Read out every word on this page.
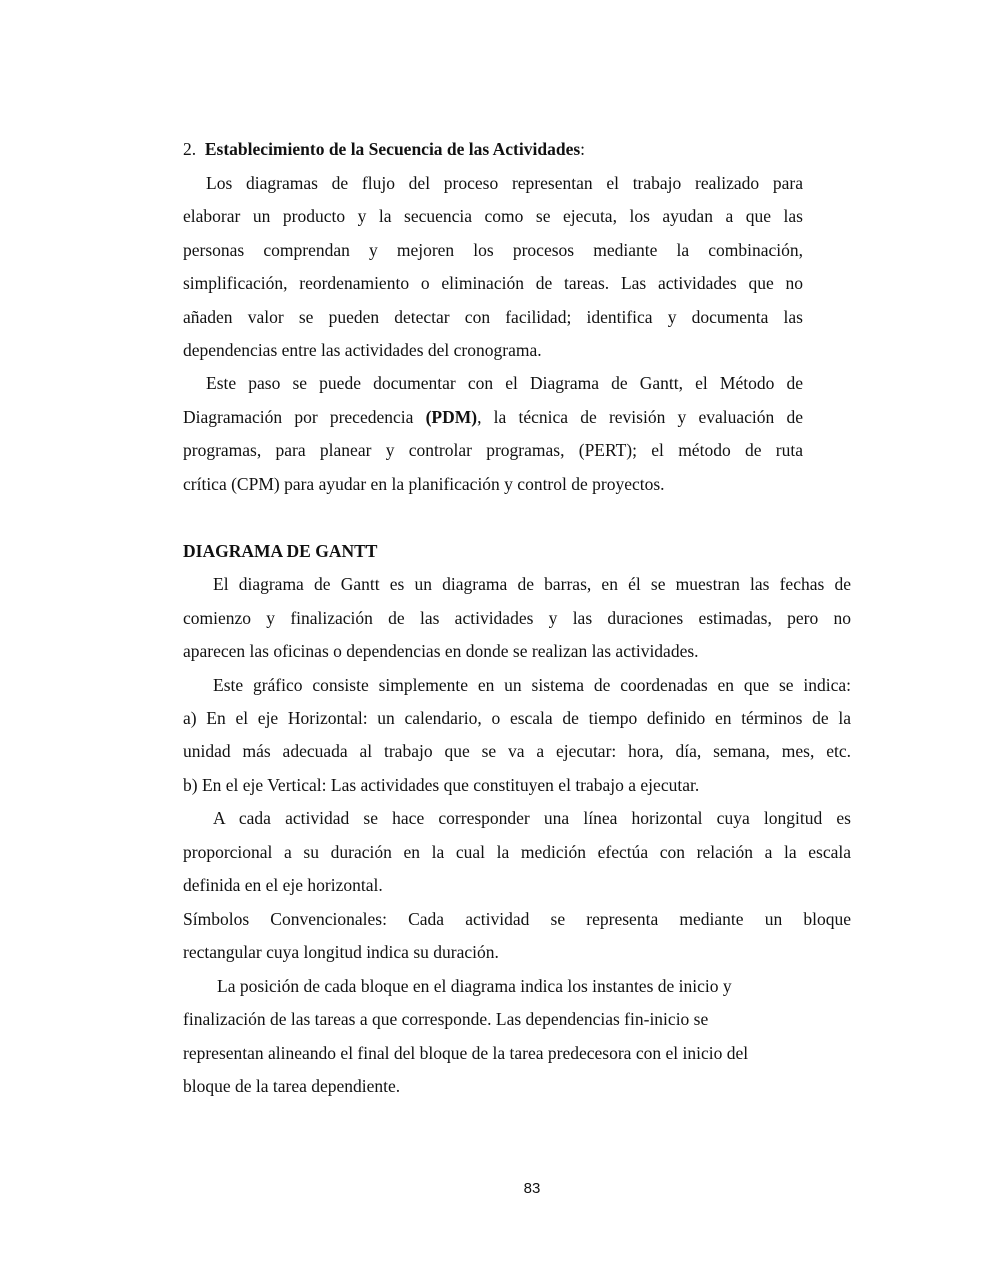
2. Establecimiento de la Secuencia de las Actividades:
Los diagramas de flujo del proceso representan el trabajo realizado para
elaborar un producto y la secuencia como se ejecuta, los ayudan a que las
personas comprendan y mejoren los procesos mediante la combinación,
simplificación, reordenamiento o eliminación de tareas. Las actividades que no
añaden valor se pueden detectar con facilidad; identifica y documenta las
dependencias entre las actividades del cronograma.
Este paso se puede documentar con el Diagrama de Gantt, el Método de
Diagramación por precedencia (PDM), la técnica de revisión y evaluación de
programas, para planear y controlar programas, (PERT); el método de ruta
crítica (CPM) para ayudar en la planificación y control de proyectos.
DIAGRAMA DE GANTT
El diagrama de Gantt es un diagrama de barras, en él se muestran las fechas de
comienzo y finalización de las actividades y las duraciones estimadas, pero no
aparecen las oficinas o dependencias en donde se realizan las actividades.
Este gráfico consiste simplemente en un sistema de coordenadas en que se indica:
a) En el eje Horizontal: un calendario, o escala de tiempo definido en términos de la
unidad más adecuada al trabajo que se va a ejecutar: hora, día, semana, mes, etc.
b) En el eje Vertical: Las actividades que constituyen el trabajo a ejecutar.
A cada actividad se hace corresponder una línea horizontal cuya longitud es
proporcional a su duración en la cual la medición efectúa con relación a la escala
definida en el eje horizontal.
Símbolos Convencionales: Cada actividad se representa mediante un bloque
rectangular cuya longitud indica su duración.
La posición de cada bloque en el diagrama indica los instantes de inicio y
finalización de las tareas a que corresponde. Las dependencias fin-inicio se
representan alineando el final del bloque de la tarea predecesora con el inicio del
bloque de la tarea dependiente.
83
